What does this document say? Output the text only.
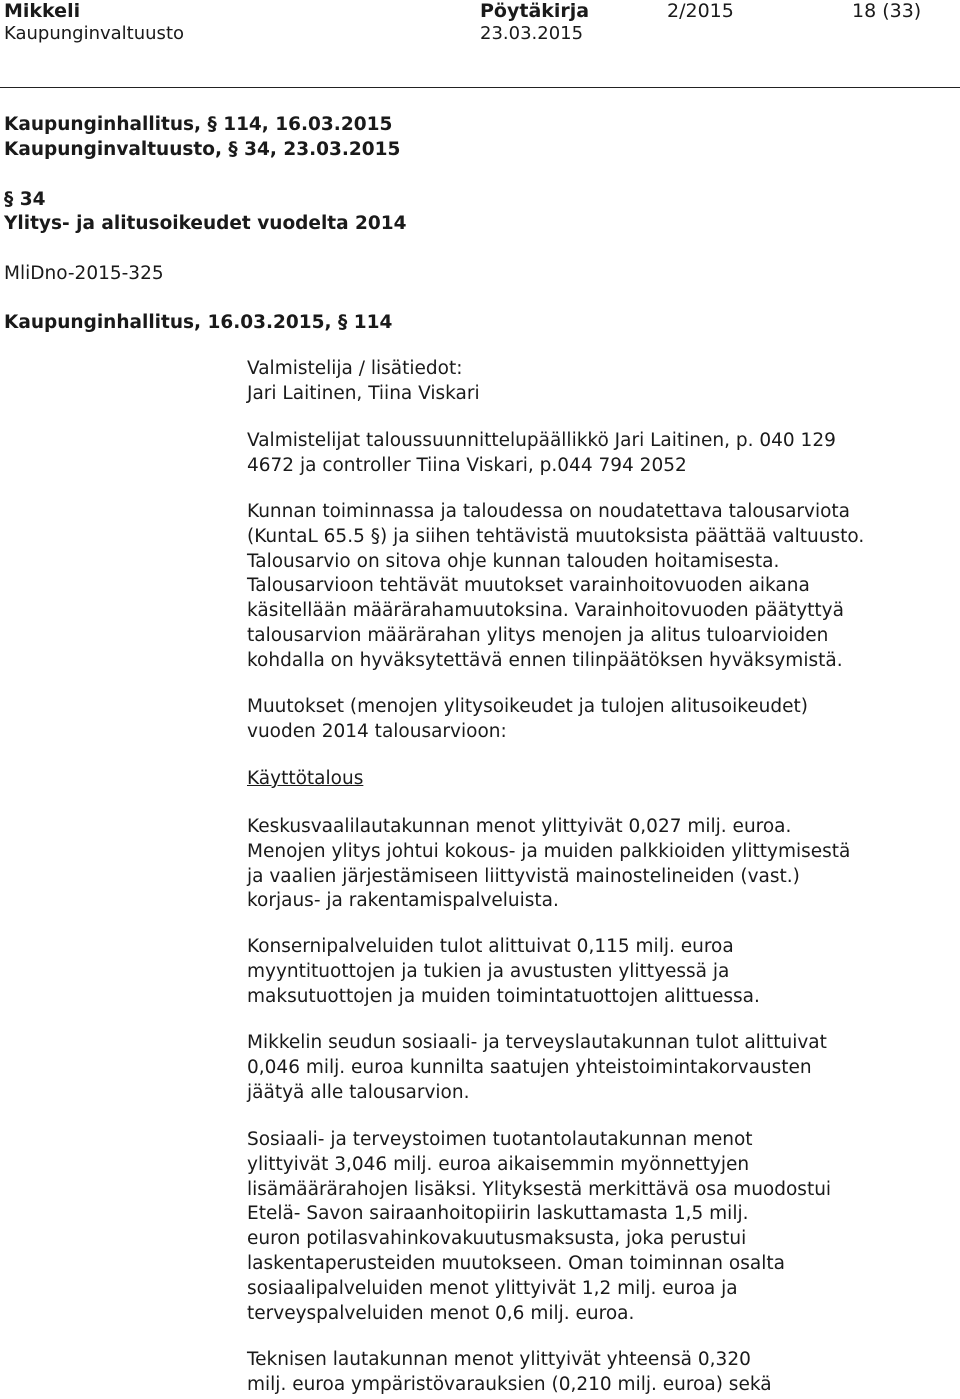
Mikkeli	Pöytäkirja	2/2015	18 (33)
Kaupunginvaltuusto	23.03.2015
Kaupunginhallitus, § 114, 16.03.2015
Kaupunginvaltuusto, § 34, 23.03.2015
§ 34
Ylitys- ja alitusoikeudet vuodelta 2014
MliDno-2015-325
Kaupunginhallitus, 16.03.2015, § 114
Valmistelija / lisätiedot:
Jari Laitinen, Tiina Viskari
Valmistelijat taloussuunnittelupäällikkö Jari Laitinen, p. 040 129
4672 ja controller Tiina Viskari, p.044 794 2052
Kunnan toiminnassa ja taloudessa on noudatettava talousarviota
(KuntaL 65.5 §) ja siihen tehtävistä muutoksista päättää valtuusto.
Talousarvio on sitova ohje kunnan talouden hoitamisesta.
Talousarvioon tehtävät muutokset varainhoitovuoden aikana
käsitellään määrärahamuutoksina. Varainhoitovuoden päätyttyä
talousarvion määrärahan ylitys menojen ja alitus tuloarvioiden
kohdalla on hyväksytettävä ennen tilinpäätöksen hyväksymistä.
Muutokset (menojen ylitysoikeudet ja tulojen alitusoikeudet)
vuoden 2014 talousarvioon:
Käyttötalous
Keskusvaalilautakunnan menot ylittyivät 0,027 milj. euroa.
Menojen ylitys johtui kokous- ja muiden palkkioiden ylittymisestä
ja vaalien järjestämiseen liittyvistä mainostelineiden (vast.)
korjaus- ja rakentamispalveluista.
Konsernipalveluiden tulot alittuivat 0,115 milj. euroa
myyntituottojen ja tukien ja avustusten ylittyessä ja
maksutuottojen ja muiden toimintatuottojen alittuessa.
Mikkelin seudun sosiaali- ja terveyslautakunnan tulot alittuivat
0,046 milj. euroa kunnilta saatujen yhteistoimintakorvausten
jäätyä alle talousarvion.
Sosiaali- ja terveystoimen tuotantolautakunnan menot
ylittyivät 3,046 milj. euroa aikaisemmin myönnettyjen
lisämäärärahojen lisäksi. Ylityksestä merkittävä osa muodostui
Etelä- Savon sairaanhoitopiirin laskuttamasta 1,5 milj.
euron potilasvahinkovakuutusmaksusta, joka perustui
laskentaperusteiden muutokseen. Oman toiminnan osalta
sosiaalipalveluiden menot ylittyivät 1,2 milj. euroa ja
terveyspalveluiden menot 0,6 milj. euroa.
Teknisen lautakunnan menot ylittyivät yhteensä 0,320
milj. euroa ympäristövarauksien (0,210 milj. euroa) sekä
